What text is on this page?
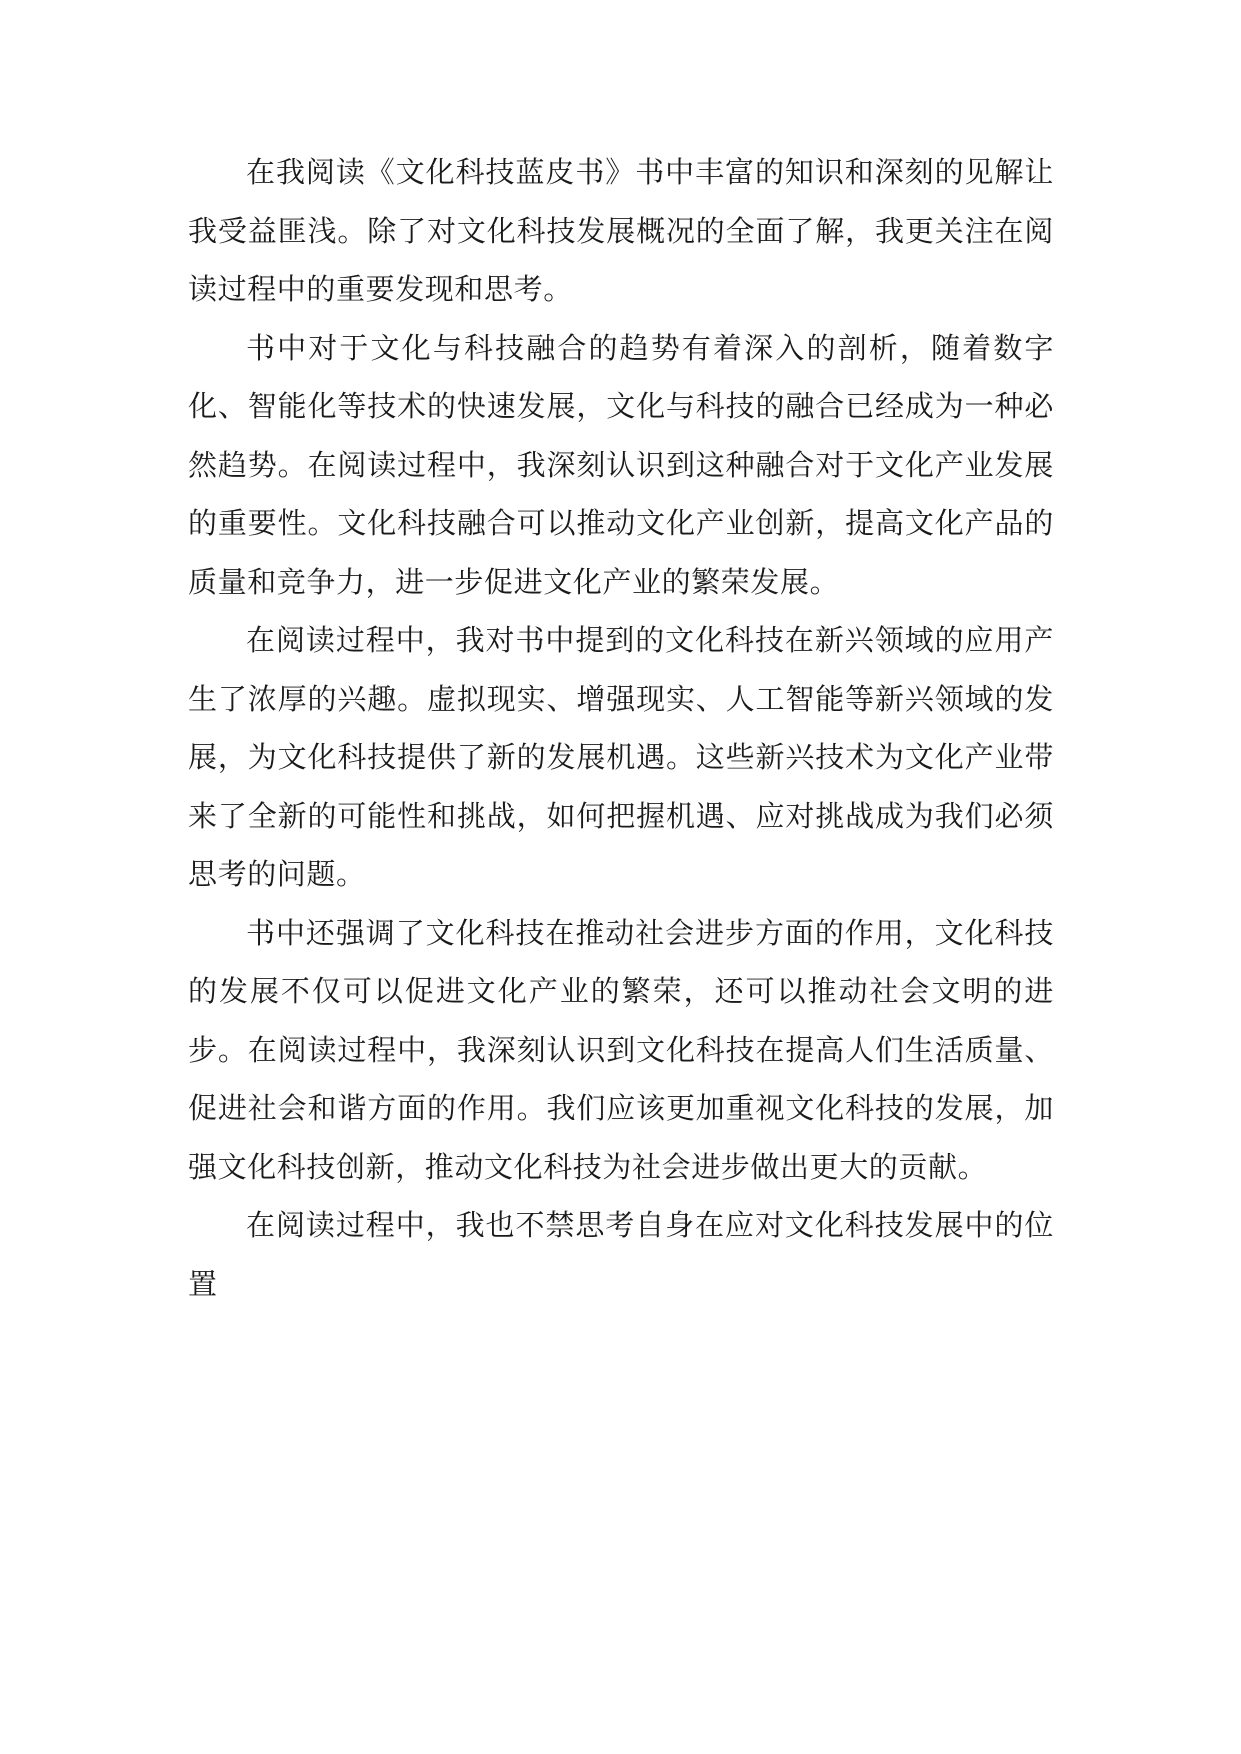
在我阅读《文化科技蓝皮书》书中丰富的知识和深刻的见解让我受益匪浅。除了对文化科技发展概况的全面了解，我更关注在阅读过程中的重要发现和思考。

书中对于文化与科技融合的趋势有着深入的剖析，随着数字化、智能化等技术的快速发展，文化与科技的融合已经成为一种必然趋势。在阅读过程中，我深刻认识到这种融合对于文化产业发展的重要性。文化科技融合可以推动文化产业创新，提高文化产品的质量和竞争力，进一步促进文化产业的繁荣发展。

在阅读过程中，我对书中提到的文化科技在新兴领域的应用产生了浓厚的兴趣。虚拟现实、增强现实、人工智能等新兴领域的发展，为文化科技提供了新的发展机遇。这些新兴技术为文化产业带来了全新的可能性和挑战，如何把握机遇、应对挑战成为我们必须思考的问题。

书中还强调了文化科技在推动社会进步方面的作用，文化科技的发展不仅可以促进文化产业的繁荣，还可以推动社会文明的进步。在阅读过程中，我深刻认识到文化科技在提高人们生活质量、促进社会和谐方面的作用。我们应该更加重视文化科技的发展，加强文化科技创新，推动文化科技为社会进步做出更大的贡献。

在阅读过程中，我也不禁思考自身在应对文化科技发展中的位置
